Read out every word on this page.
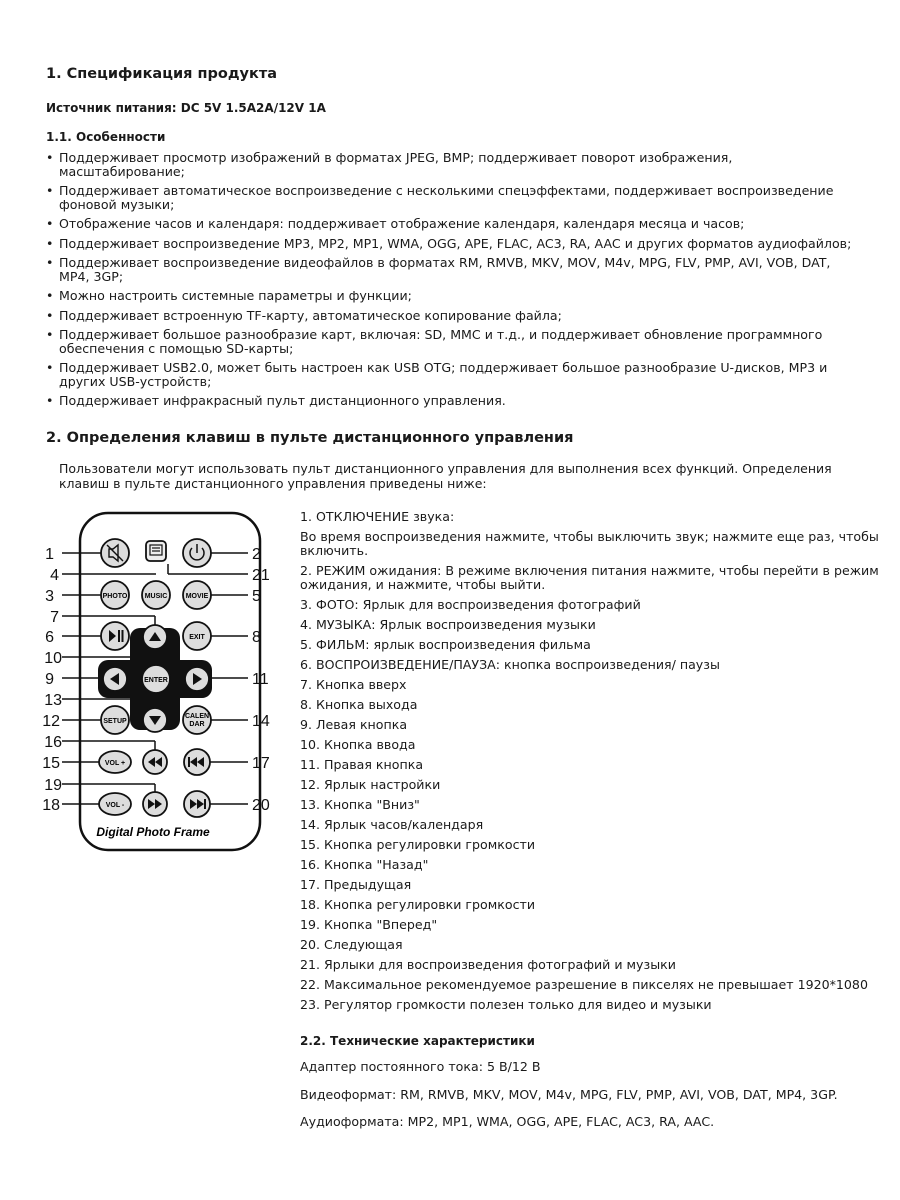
1. Спецификация продукта

Источник питания: DC 5V 1.5A2A/12V 1A

1.1. Особенности

• Поддерживает просмотр изображений в форматах JPEG, BMP; поддерживает поворот изображения, масштабирование;
• Поддерживает автоматическое воспроизведение с несколькими спецэффектами, поддерживает воспроизведение фоновой музыки;
• Отображение часов и календаря: поддерживает отображение календаря, календаря месяца и часов;
• Поддерживает воспроизведение MP3, MP2, MP1, WMA, OGG, APE, FLAC, AC3, RA, AAC и других форматов аудиофайлов;
• Поддерживает воспроизведение видеофайлов в форматах RM, RMVB, MKV, MOV, M4v, MPG, FLV, PMP, AVI, VOB, DAT, MP4, 3GP;
• Можно настроить системные параметры и функции;
• Поддерживает встроенную TF-карту, автоматическое копирование файла;
• Поддерживает большое разнообразие карт, включая: SD, MMC и т.д., и поддерживает обновление программного обеспечения с помощью SD-карты;
• Поддерживает USB2.0, может быть настроен как USB OTG; поддерживает большое разнообразие U-дисков, MP3 и других USB-устройств;
• Поддерживает инфракрасный пульт дистанционного управления.
2. Определения клавиш в пульте дистанционного управления

Пользователи могут использовать пульт дистанционного управления для выполнения всех функций. Определения клавиш в пульте дистанционного управления приведены ниже:

PHOTO MUSIC	MOVIE
EXIT
ENTER
SETUP
CALEN
DAR
VOL +
VOL -
Digital Photo Frame
1
4
3
7
6
10
9
13
12
16
15
19
18
2
21
5
8
11
14
17
20
1. ОТКЛЮЧЕНИЕ звука:
Во время воспроизведения нажмите, чтобы выключить звук; нажмите еще раз, чтобы включить.
2. РЕЖИМ ожидания: В режиме включения питания нажмите, чтобы перейти в режим ожидания, и нажмите, чтобы выйти.
3. ФОТО: Ярлык для воспроизведения фотографий
4. МУЗЫКА: Ярлык воспроизведения музыки
5. ФИЛЬМ: ярлык воспроизведения фильма
6. ВОСПРОИЗВЕДЕНИЕ/ПАУЗА: кнопка воспроизведения/ паузы
7. Кнопка вверх
8. Кнопка выхода
9. Левая кнопка
10. Кнопка ввода
11. Правая кнопка
12. Ярлык настройки
13. Кнопка "Вниз"
14. Ярлык часов/календаря
15. Кнопка регулировки громкости
16. Кнопка "Назад"
17. Предыдущая
18. Кнопка регулировки громкости
19. Кнопка "Вперед"
20. Следующая
21. Ярлыки для воспроизведения фотографий и музыки
22. Максимальное рекомендуемое разрешение в пикселях не превышает 1920*1080
23. Регулятор громкости полезен только для видео и музыки

2.2. Технические характеристики

Адаптер постоянного тока: 5 В/12 В

Видеоформат: RM, RMVB, MKV, MOV, M4v, MPG, FLV, PMP, AVI, VOB, DAT, MP4, 3GP.

Аудиоформата: MP2, MP1, WMA, OGG, APE, FLAC, AC3, RA, AAC.
